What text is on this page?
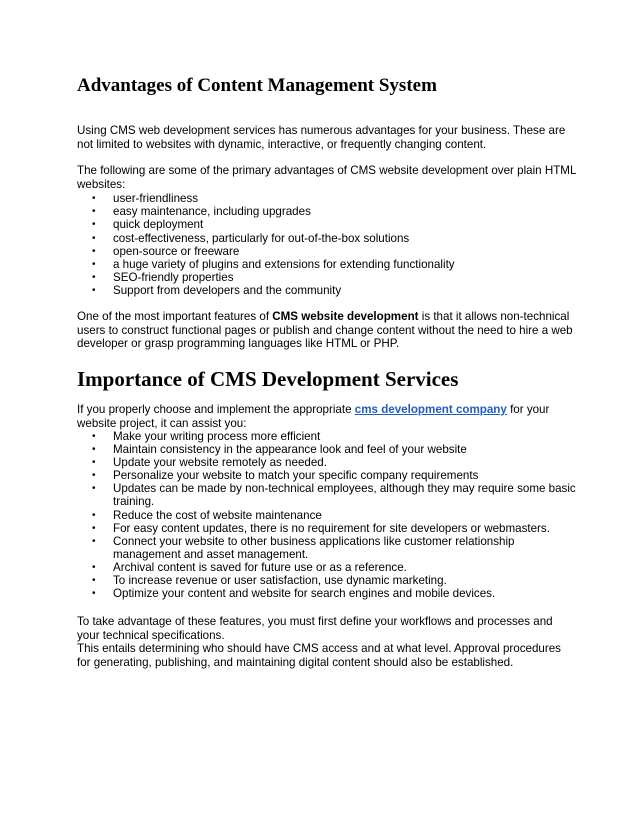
Advantages of Content Management System

Using CMS web development services has numerous advantages for your business. These are not limited to websites with dynamic, interactive, or frequently changing content.

The following are some of the primary advantages of CMS website development over plain HTML websites:

• user-friendliness
• easy maintenance, including upgrades
• quick deployment
• cost-effectiveness, particularly for out-of-the-box solutions
• open-source or freeware
• a huge variety of plugins and extensions for extending functionality
• SEO-friendly properties
• Support from developers and the community

One of the most important features of CMS website development is that it allows non-technical users to construct functional pages or publish and change content without the need to hire a web developer or grasp programming languages like HTML or PHP.

Importance of CMS Development Services

If you properly choose and implement the appropriate cms development company for your website project, it can assist you:

• Make your writing process more efficient
• Maintain consistency in the appearance look and feel of your website
• Update your website remotely as needed.
• Personalize your website to match your specific company requirements
• Updates can be made by non-technical employees, although they may require some basic training.
• Reduce the cost of website maintenance
• For easy content updates, there is no requirement for site developers or webmasters.
• Connect your website to other business applications like customer relationship management and asset management.
• Archival content is saved for future use or as a reference.
• To increase revenue or user satisfaction, use dynamic marketing.
• Optimize your content and website for search engines and mobile devices.

To take advantage of these features, you must first define your workflows and processes and your technical specifications.

This entails determining who should have CMS access and at what level. Approval procedures for generating, publishing, and maintaining digital content should also be established.
